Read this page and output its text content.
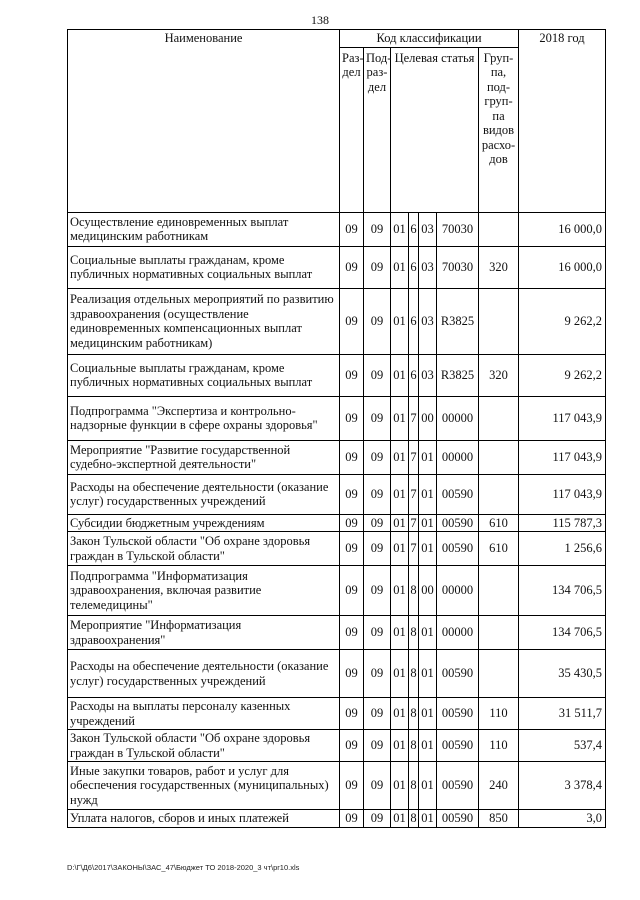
138
Наименование	Код классификации							2018 год
	Раз-дел	Под-раз-дел	Целевая статья				Груп-па, под-груп-па видов расхо-дов	
Осуществление единовременных выплат медицинским работникам	09	09	01	6	03	70030		16 000,0
Социальные выплаты гражданам, кроме публичных нормативных социальных выплат	09	09	01	6	03	70030	320	16 000,0
Реализация отдельных мероприятий по развитию здравоохранения (осуществление единовременных компенсационных выплат медицинским работникам)	09	09	01	6	03	R3825		9 262,2
Социальные выплаты гражданам, кроме публичных нормативных социальных выплат	09	09	01	6	03	R3825	320	9 262,2
Подпрограмма "Экспертиза и контрольно-надзорные функции в сфере охраны здоровья"	09	09	01	7	00	00000		117 043,9
Мероприятие "Развитие государственной судебно-экспертной деятельности"	09	09	01	7	01	00000		117 043,9
Расходы на обеспечение деятельности (оказание услуг) государственных учреждений	09	09	01	7	01	00590		117 043,9
Субсидии бюджетным учреждениям	09	09	01	7	01	00590	610	115 787,3
Закон Тульской области "Об охране здоровья граждан в Тульской области"	09	09	01	7	01	00590	610	1 256,6
Подпрограмма "Информатизация здравоохранения, включая развитие телемедицины"	09	09	01	8	00	00000		134 706,5
Мероприятие "Информатизация здравоохранения"	09	09	01	8	01	00000		134 706,5
Расходы на обеспечение деятельности (оказание услуг) государственных учреждений	09	09	01	8	01	00590		35 430,5
Расходы на выплаты персоналу казенных учреждений	09	09	01	8	01	00590	110	31 511,7
Закон Тульской области "Об охране здоровья граждан в Тульской области"	09	09	01	8	01	00590	110	537,4
Иные закупки товаров, работ и услуг для обеспечения государственных (муниципальных) нужд	09	09	01	8	01	00590	240	3 378,4
Уплата налогов, сборов и иных платежей	09	09	01	8	01	00590	850	3,0
D:\Г\Д6\2017\ЗАКОНЫ\ЗАС_47\Бюджет ТО 2018-2020_3 чт\pr10.xls
